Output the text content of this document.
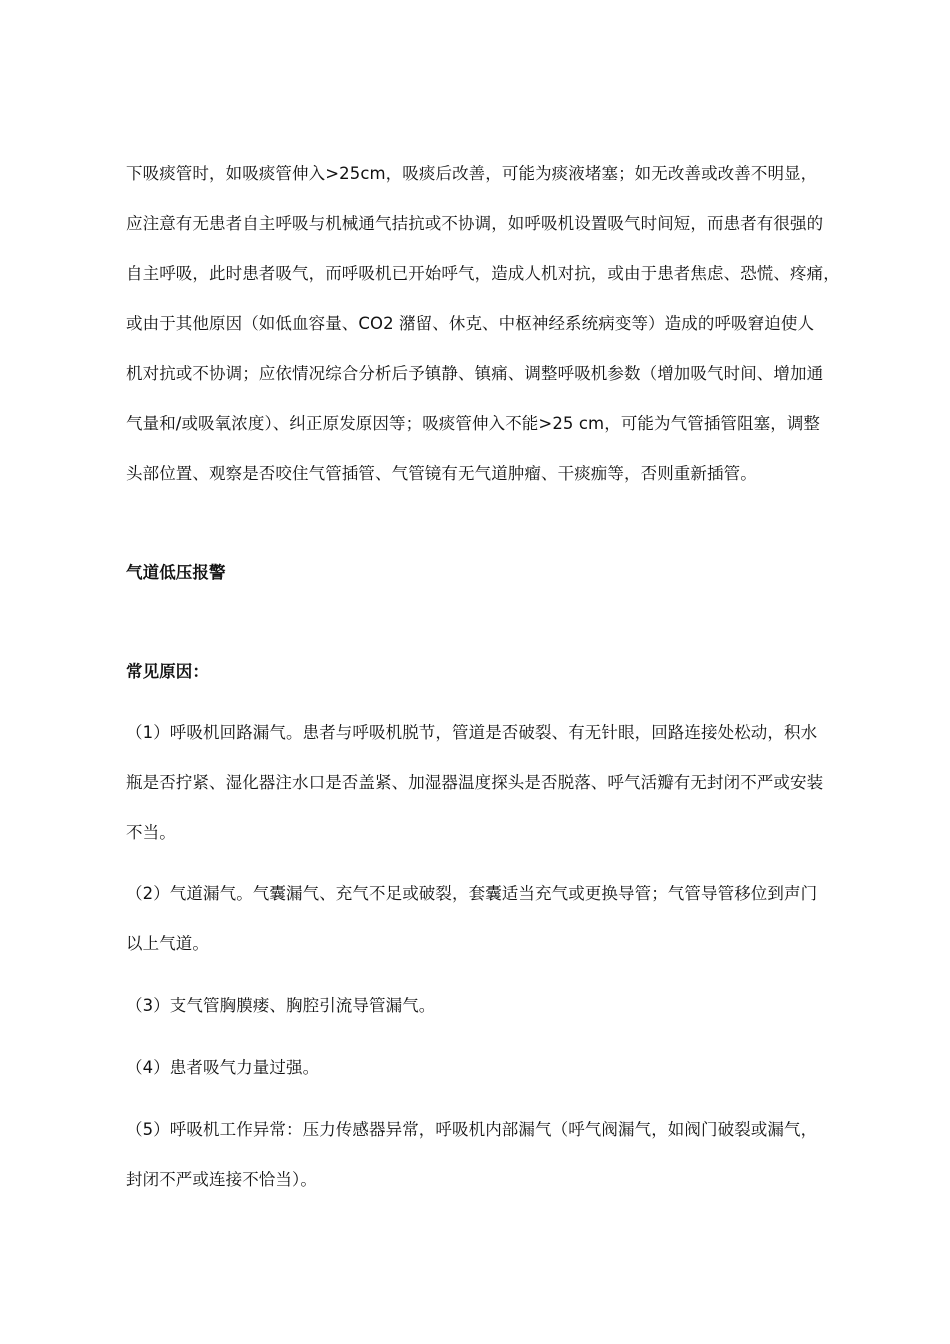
下吸痰管时，如吸痰管伸入>25cm，吸痰后改善，可能为痰液堵塞；如无改善或改善不明显，
应注意有无患者自主呼吸与机械通气拮抗或不协调，如呼吸机设置吸气时间短，而患者有很强的
自主呼吸，此时患者吸气，而呼吸机已开始呼气，造成人机对抗，或由于患者焦虑、恐慌、疼痛，
或由于其他原因（如低血容量、CO2 潴留、休克、中枢神经系统病变等）造成的呼吸窘迫使人
机对抗或不协调；应依情况综合分析后予镇静、镇痛、调整呼吸机参数（增加吸气时间、增加通
气量和/或吸氧浓度）、纠正原发原因等；吸痰管伸入不能>25 cm，可能为气管插管阻塞，调整
头部位置、观察是否咬住气管插管、气管镜有无气道肿瘤、干痰痂等，否则重新插管。
气道低压报警
常见原因：
（1）呼吸机回路漏气。患者与呼吸机脱节，管道是否破裂、有无针眼，回路连接处松动，积水
瓶是否拧紧、湿化器注水口是否盖紧、加湿器温度探头是否脱落、呼气活瓣有无封闭不严或安装
不当。
（2）气道漏气。气囊漏气、充气不足或破裂，套囊适当充气或更换导管；气管导管移位到声门
以上气道。
（3）支气管胸膜瘘、胸腔引流导管漏气。
（4）患者吸气力量过强。
（5）呼吸机工作异常：压力传感器异常，呼吸机内部漏气（呼气阀漏气，如阀门破裂或漏气，
封闭不严或连接不恰当）。
